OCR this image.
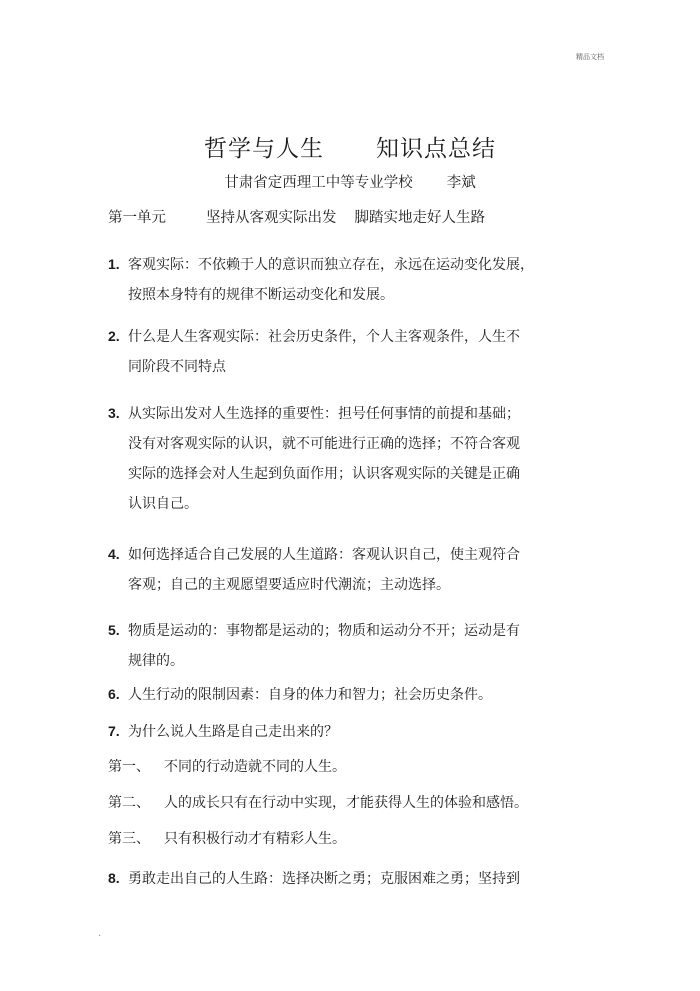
精品文档
哲学与人生 知识点总结
甘肃省定西理工中等专业学校 李斌
第一单元	坚持从客观实际出发 脚踏实地走好人生路
1. 客观实际：不依赖于人的意识而独立存在，永远在运动变化发展，
按照本身特有的规律不断运动变化和发展。
2. 什么是人生客观实际：社会历史条件，个人主客观条件，人生不
同阶段不同特点
3. 从实际出发对人生选择的重要性：担号任何事情的前提和基础；
没有对客观实际的认识，就不可能进行正确的选择；不符合客观
实际的选择会对人生起到负面作用；认识客观实际的关键是正确
认识自己。
4. 如何选择适合自己发展的人生道路：客观认识自己，使主观符合
客观；自己的主观愿望要适应时代潮流；主动选择。
5. 物质是运动的：事物都是运动的；物质和运动分不开；运动是有
规律的。
6. 人生行动的限制因素：自身的体力和智力；社会历史条件。
7. 为什么说人生路是自己走出来的？
第一、 不同的行动造就不同的人生。
第二、 人的成长只有在行动中实现，才能获得人生的体验和感悟。
第三、 只有积极行动才有精彩人生。
8. 勇敢走出自己的人生路：选择决断之勇；克服困难之勇；坚持到
.
